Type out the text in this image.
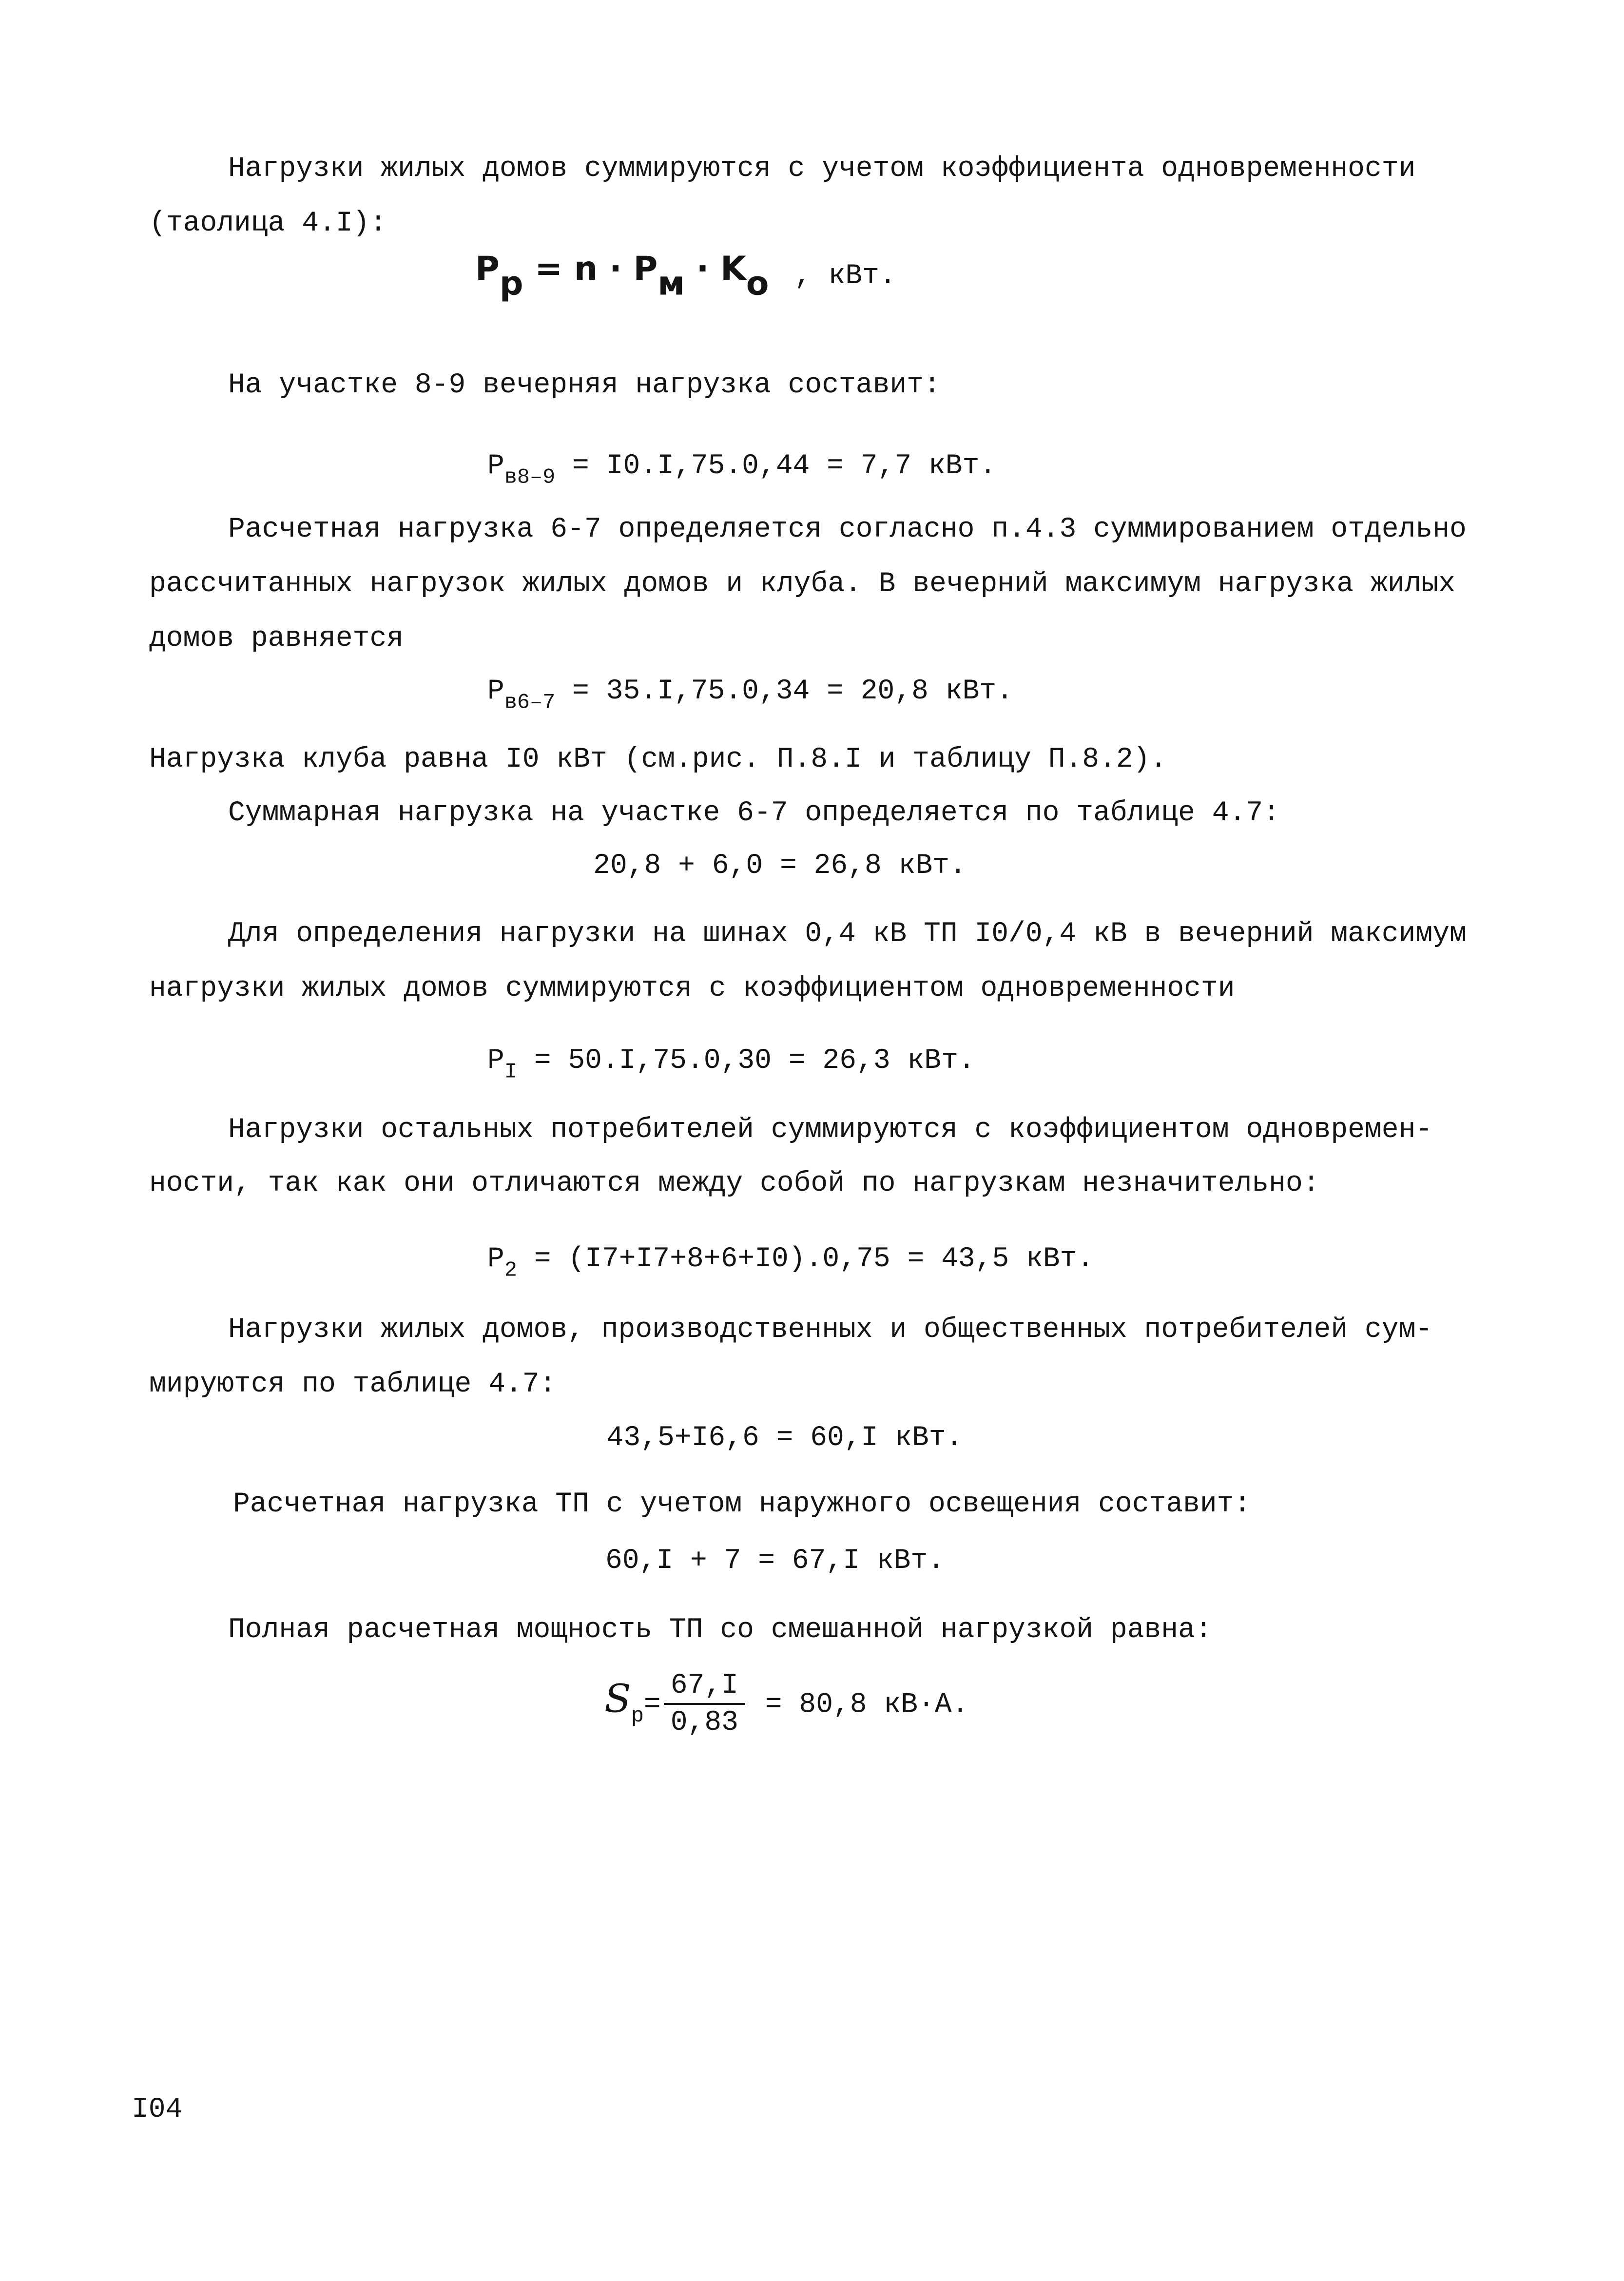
Нагрузки жилых домов суммируются с учетом коэффициента одновременности
(таолица 4.I):
$P_р = n \cdot P_м \cdot K_о$ , кВт.
На участке 8-9 вечерняя нагрузка составит:
$P_{в8-9} = I0.I,75.0,44 = 7,7$ кВт.
Расчетная нагрузка 6-7 определяется согласно п.4.3 суммированием отдельно
рассчитанных нагрузок жилых домов и клуба. В вечерний максимум нагрузка жилых
домов равняется
$P_{в6-7} = 35.I,75.0,34 = 20,8$ кВт.
Нагрузка клуба равна I0 кВт (см.рис. П.8.I и таблицу П.8.2).
Суммарная нагрузка на участке 6-7 определяется по таблице 4.7:
20,8 + 6,0 = 26,8 кВт.
Для определения нагрузки на шинах 0,4 кВ ТП I0/0,4 кВ в вечерний максимум
нагрузки жилых домов суммируются с коэффициентом одновременности
$P_I = 50.I,75.0,30 = 26,3$ кВт.
Нагрузки остальных потребителей суммируются с коэффициентом одновремен-
ности, так как они отличаются между собой по нагрузкам незначительно:
$P_2 = (I7+I7+8+6+I0).0,75 = 43,5$ кВт.
Нагрузки жилых домов, производственных и общественных потребителей сум-
мируются по таблице 4.7:
43,5+I6,6 = 60,I кВт.
Расчетная нагрузка ТП с учетом наружного освещения составит:
60,I + 7 = 67,I кВт.
Полная расчетная мощность ТП со смешанной нагрузкой равна:
$S_р= \frac{67,I}{0,83} = 80,8$ кВ·А.
I04
